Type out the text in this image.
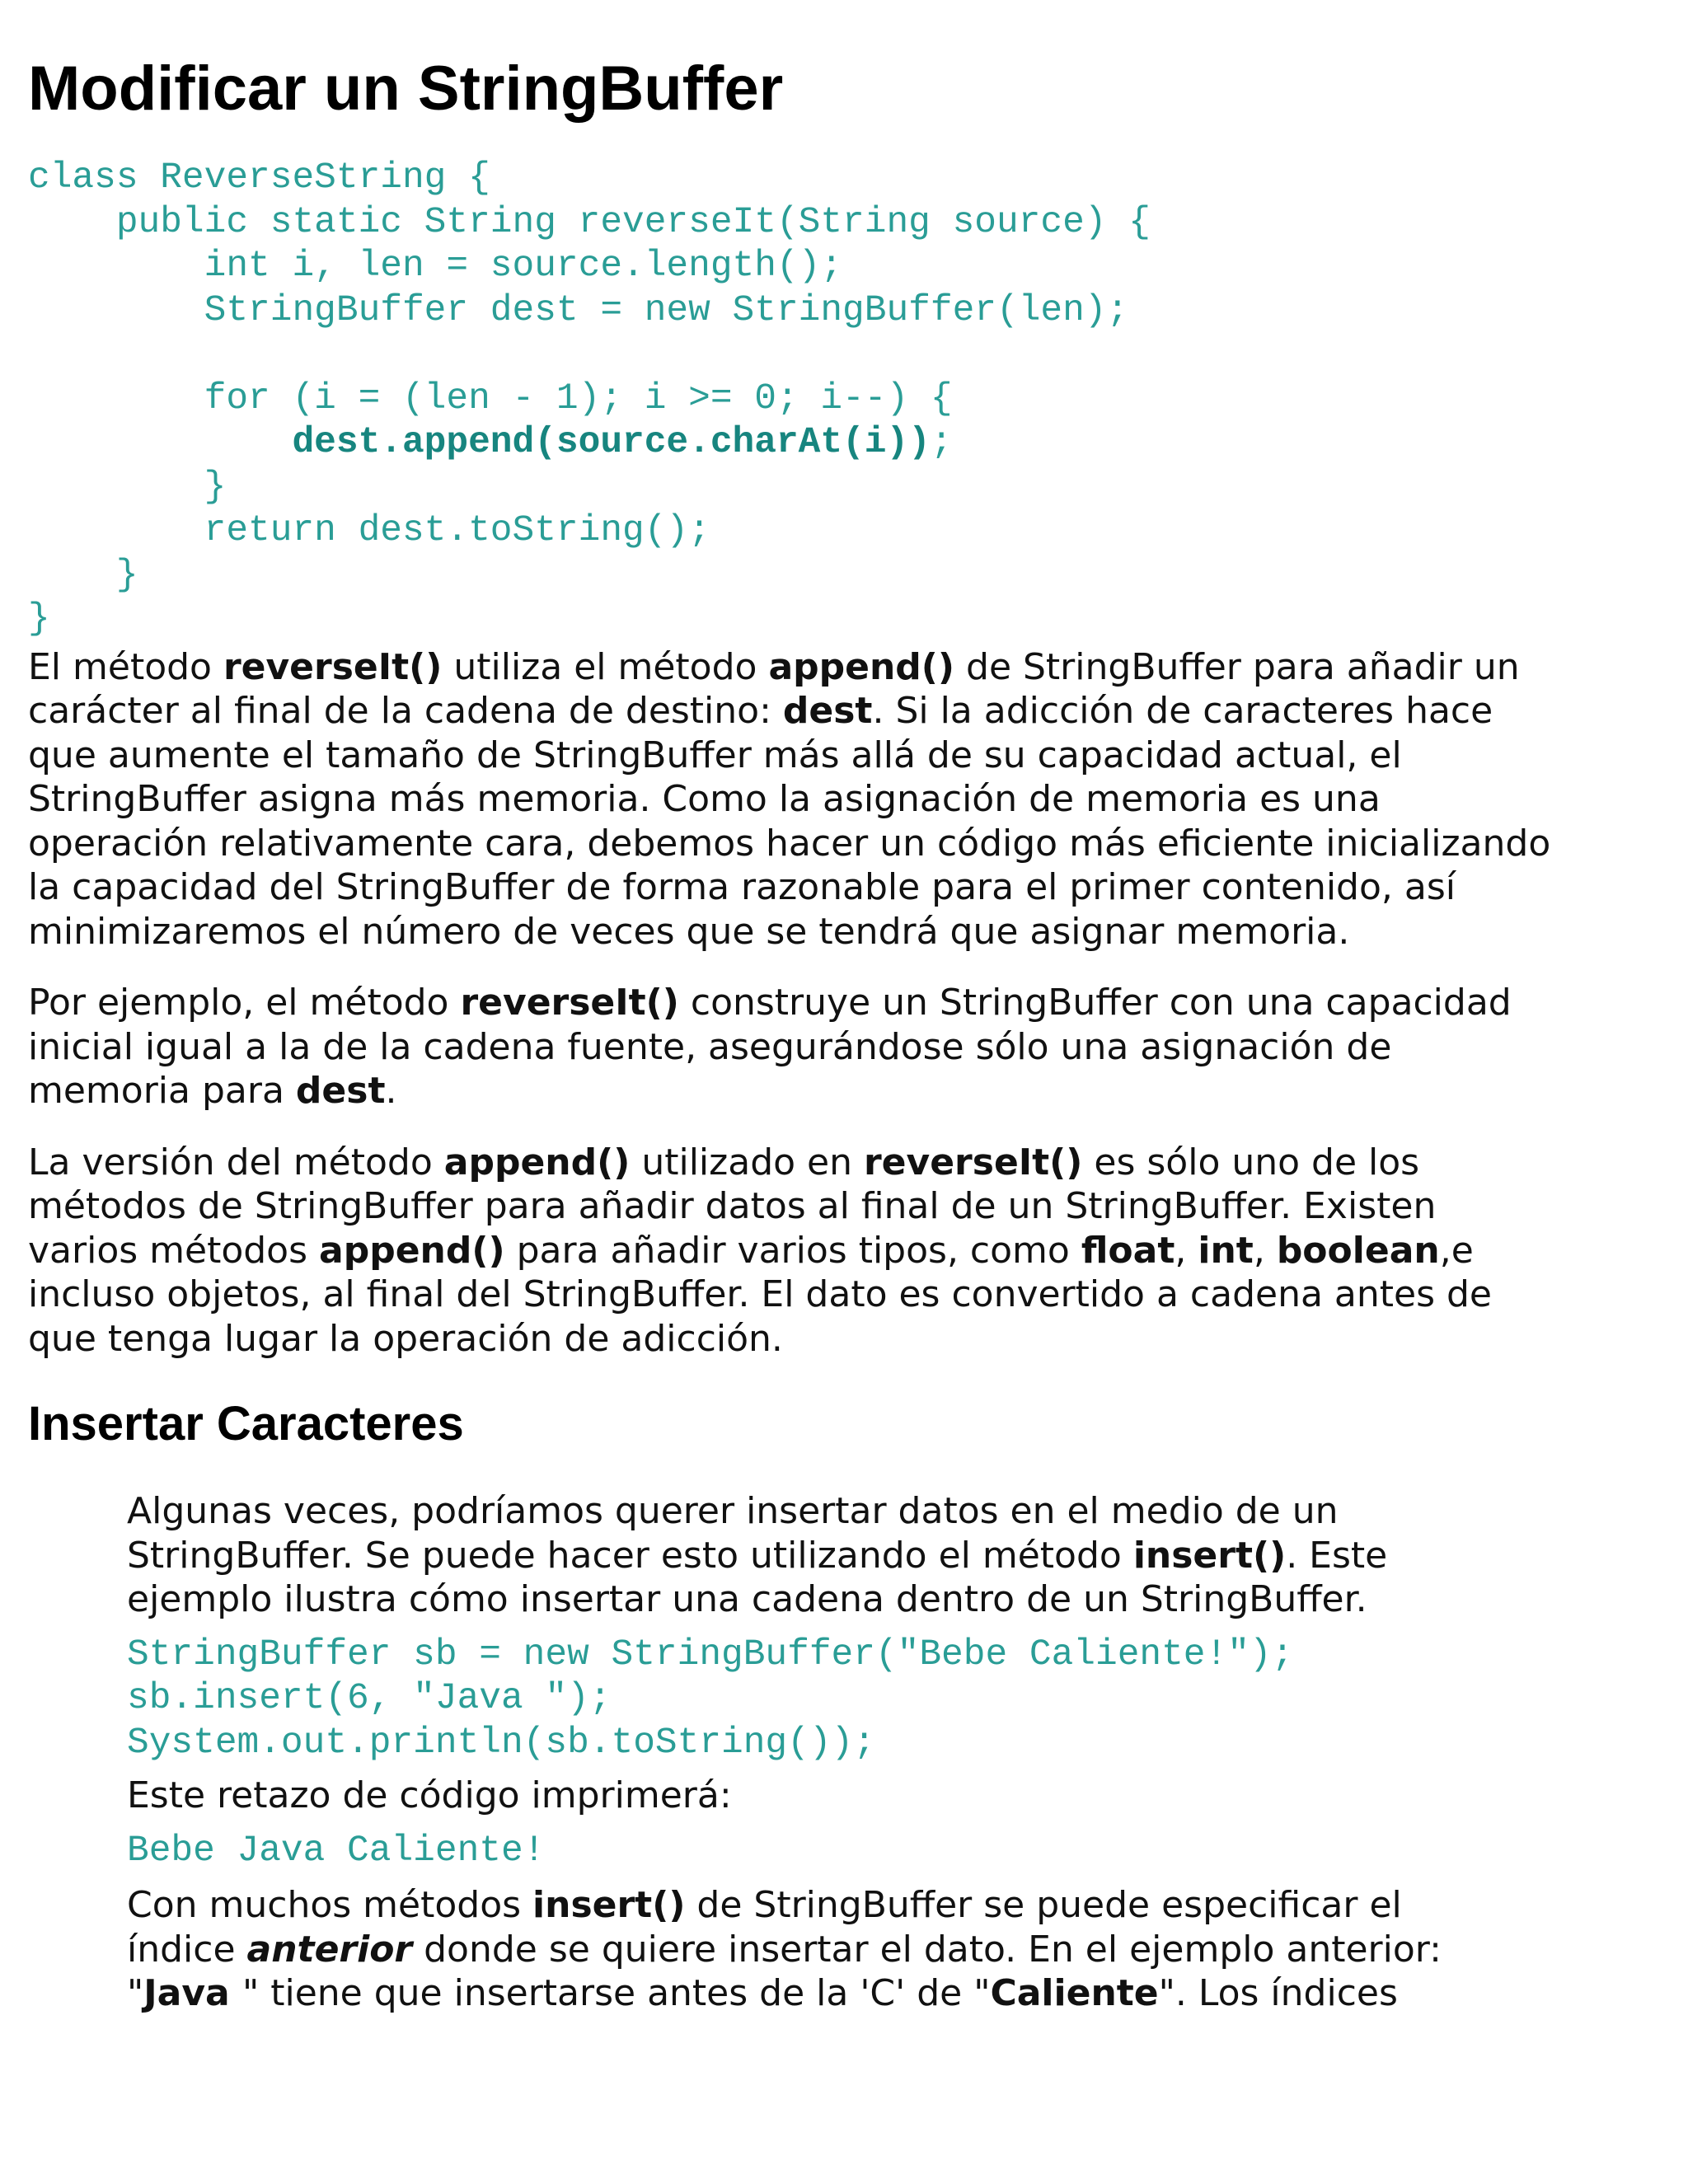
Modificar un StringBuffer
class ReverseString {
public static String reverseIt(String source) {
int i, len = source.length();
StringBuffer dest = new StringBuffer(len);

for (i = (len - 1); i >= 0; i--) {
dest.append(source.charAt(i));
}
return dest.toString();
}
}

El método reverseIt() utiliza el método append() de StringBuffer para añadir un
carácter al final de la cadena de destino: dest. Si la adicción de caracteres hace
que aumente el tamaño de StringBuffer más allá de su capacidad actual, el
StringBuffer asigna más memoria. Como la asignación de memoria es una
operación relativamente cara, debemos hacer un código más eficiente inicializando
la capacidad del StringBuffer de forma razonable para el primer contenido, así
minimizaremos el número de veces que se tendrá que asignar memoria.

Por ejemplo, el método reverseIt() construye un StringBuffer con una capacidad
inicial igual a la de la cadena fuente, asegurándose sólo una asignación de
memoria para dest.

La versión del método append() utilizado en reverseIt() es sólo uno de los
métodos de StringBuffer para añadir datos al final de un StringBuffer. Existen
varios métodos append() para añadir varios tipos, como float, int, boolean,e
incluso objetos, al final del StringBuffer. El dato es convertido a cadena antes de
que tenga lugar la operación de adicción.

Insertar Caracteres

Algunas veces, podríamos querer insertar datos en el medio de un
StringBuffer. Se puede hacer esto utilizando el método insert(). Este
ejemplo ilustra cómo insertar una cadena dentro de un StringBuffer.

StringBuffer sb = new StringBuffer("Bebe Caliente!");
sb.insert(6, "Java ");
System.out.println(sb.toString());

Este retazo de código imprimerá:

Bebe Java Caliente!

Con muchos métodos insert() de StringBuffer se puede especificar el
índice anterior donde se quiere insertar el dato. En el ejemplo anterior:
"Java " tiene que insertarse antes de la 'C' de "Caliente". Los índices
